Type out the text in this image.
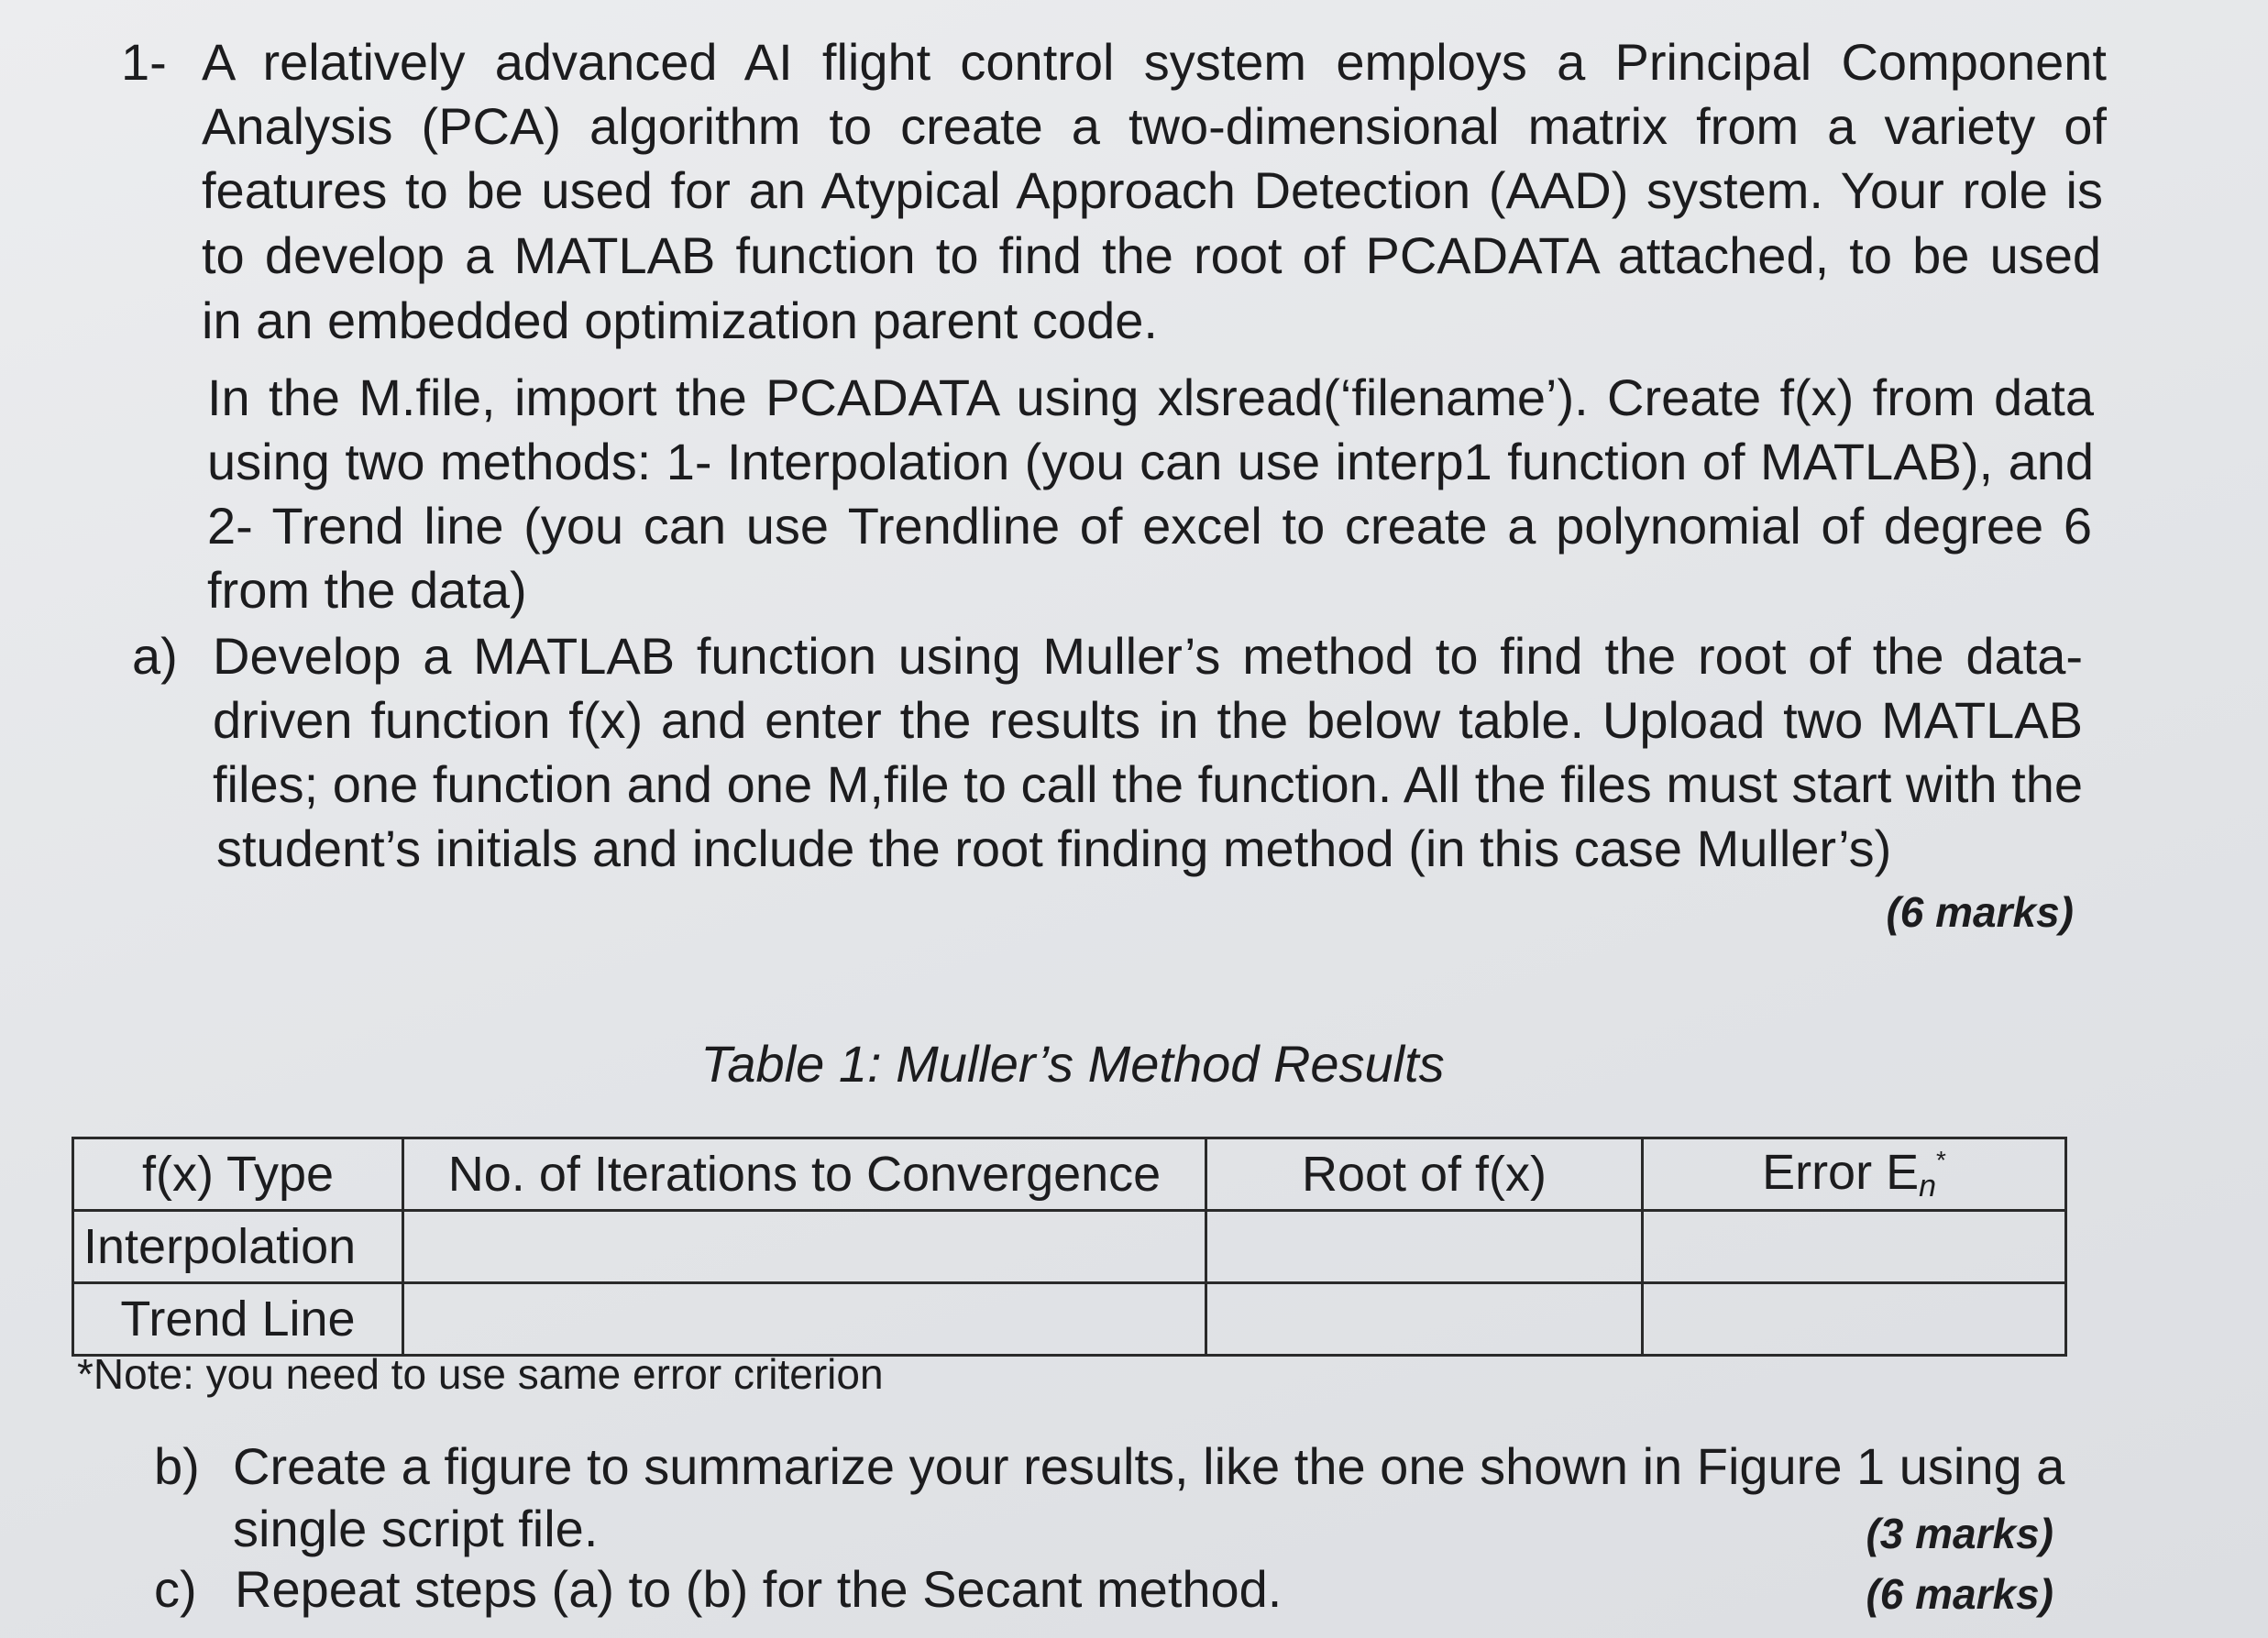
1- A relatively advanced AI flight control system employs a Principal Component
Analysis (PCA) algorithm to create a two-dimensional matrix from a variety of
features to be used for an Atypical Approach Detection (AAD) system. Your role is
to develop a MATLAB function to find the root of PCADATA attached, to be used
in an embedded optimization parent code.
In the M.file, import the PCADATA using xlsread(‘filename’). Create f(x) from data
using two methods: 1- Interpolation (you can use interp1 function of MATLAB), and
2- Trend line (you can use Trendline of excel to create a polynomial of degree 6
from the data)
a) Develop a MATLAB function using Muller’s method to find the root of the data-
driven function f(x) and enter the results in the below table. Upload two MATLAB
files; one function and one M,file to call the function. All the files must start with the
student’s initials and include the root finding method (in this case Muller’s)
(6 marks)
Table 1: Muller’s Method Results
f(x) Type	No. of Iterations to Convergence	Root of f(x)	Error $E_n^*$
Interpolation			
Trend Line			
*Note: you need to use same error criterion
b) Create a figure to summarize your results, like the one shown in Figure 1 using a
single script file.	(3 marks)
c) Repeat steps (a) to (b) for the Secant method.	(6 marks)
